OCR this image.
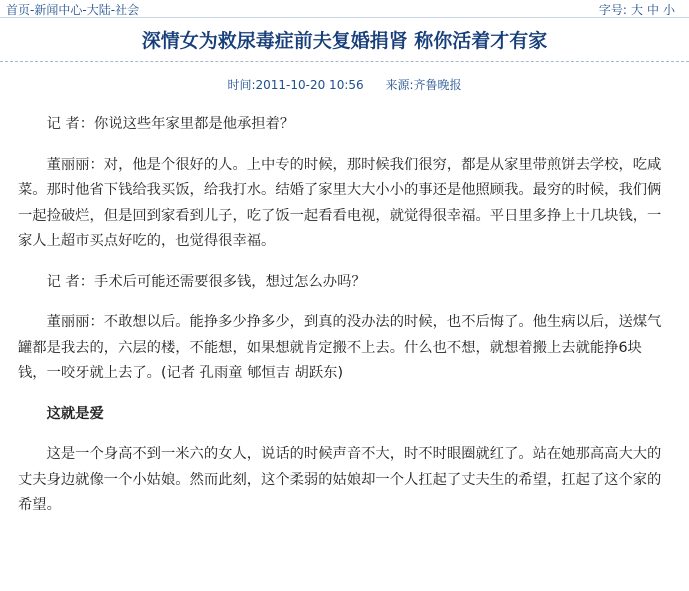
首页-新闻中心-大陆-社会	字号: 大 中 小
深情女为救尿毒症前夫复婚捐肾 称你活着才有家
时间:2011-10-20 10:56 来源:齐鲁晚报

记 者：你说这些年家里都是他承担着？

董丽丽：对，他是个很好的人。上中专的时候，那时候我们很穷，都是从家里带煎饼去学校，吃咸菜。那时他省下钱给我买饭，给我打水。结婚了家里大大小小的事还是他照顾我。最穷的时候，我们俩一起捡破烂，但是回到家看到儿子，吃了饭一起看看电视，就觉得很幸福。平日里多挣上十几块钱，一家人上超市买点好吃的，也觉得很幸福。

记 者：手术后可能还需要很多钱，想过怎么办吗？

董丽丽：不敢想以后。能挣多少挣多少，到真的没办法的时候，也不后悔了。他生病以后，送煤气罐都是我去的，六层的楼，不能想，如果想就肯定搬不上去。什么也不想，就想着搬上去就能挣6块钱，一咬牙就上去了。(记者 孔雨童 郇恒吉 胡跃东)

这就是爱

这是一个身高不到一米六的女人，说话的时候声音不大，时不时眼圈就红了。站在她那高高大大的丈夫身边就像一个小姑娘。然而此刻，这个柔弱的姑娘却一个人扛起了丈夫生的希望，扛起了这个家的希望。
